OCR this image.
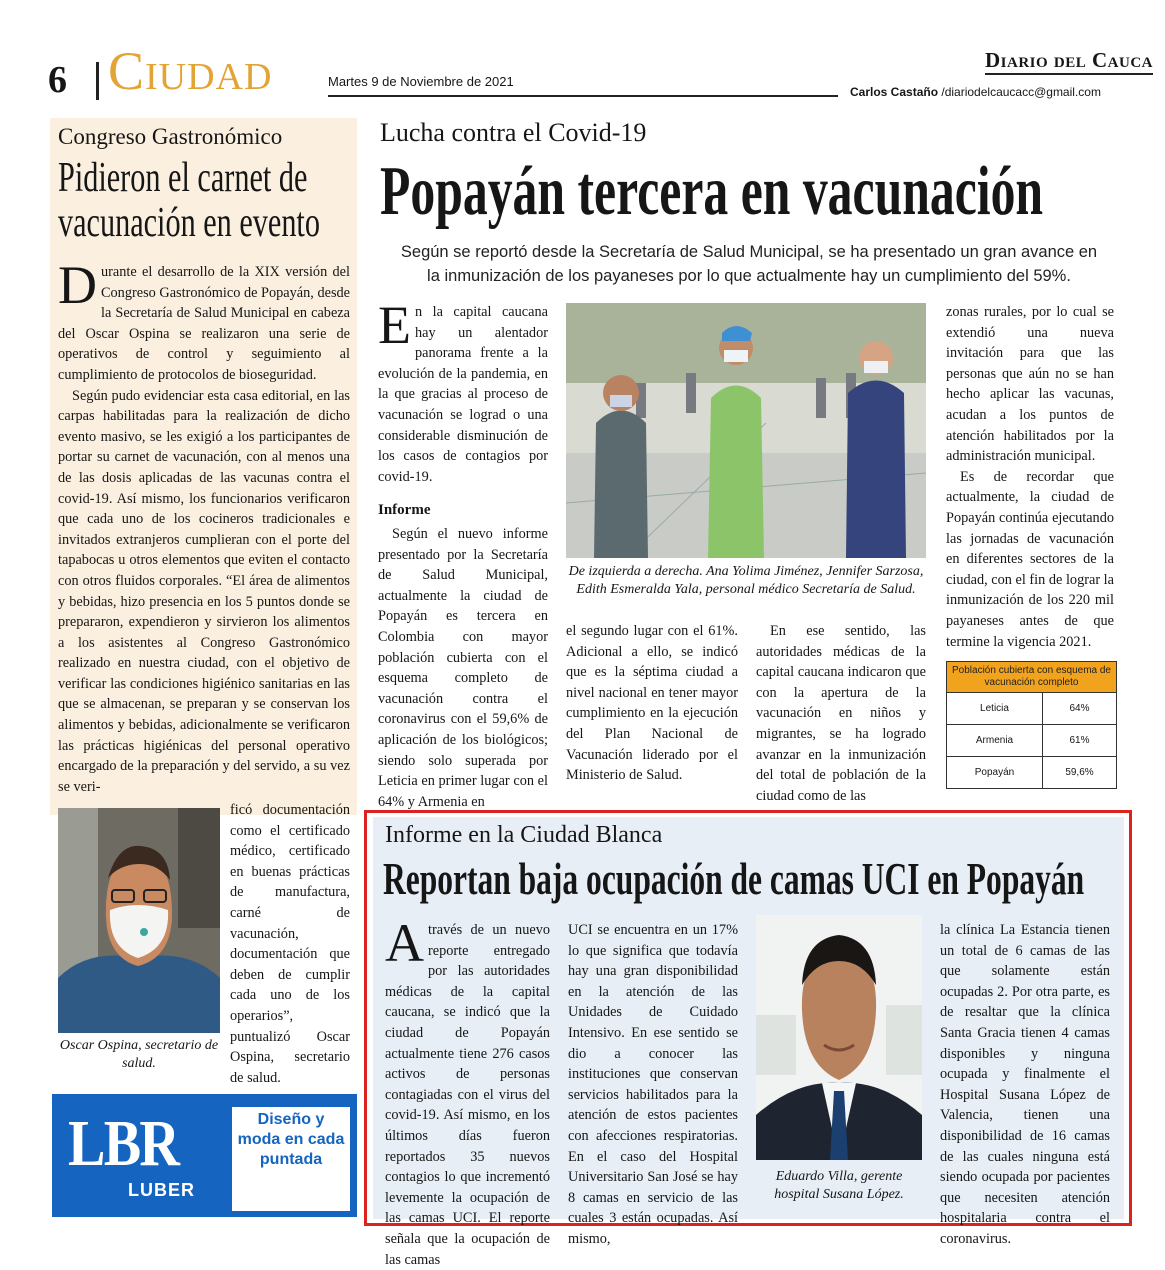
6 Ciudad	Martes 9 de Noviembre de 2021
Diario del Cauca
Carlos Castaño /diariodelcaucacc@gmail.com
Congreso Gastronómico
Pidieron el carnet de vacunación en evento

Durante el desarrollo de la XIX versión del Congreso Gastronómico de Popayán, desde la Secretaría de Salud Municipal en cabeza del Oscar Ospina se realizaron una serie de operativos de control y seguimiento al cumplimiento de protocolos de bioseguridad.

Según pudo evidenciar esta casa editorial, en las carpas habilitadas para la realización de dicho evento masivo, se les exigió a los participantes de portar su carnet de vacunación, con al menos una de las dosis aplicadas de las vacunas contra el covid-19. Así mismo, los funcionarios verificaron que cada uno de los cocineros tradicionales e invitados extranjeros cumplieran con el porte del tapabocas u otros elementos que eviten el contacto con otros fluidos corporales. “El área de alimentos y bebidas, hizo presencia en los 5 puntos donde se prepararon, expendieron y sirvieron los alimentos a los asistentes al Congreso Gastronómico realizado en nuestra ciudad, con el objetivo de verificar las condiciones higiénico sanitarias en las que se almacenan, se preparan y se conservan los alimentos y bebidas, adicionalmente se verificaron las prácticas higiénicas del personal operativo encargado de la preparación y del servido, a su vez se veri-

Oscar Ospina, secretario de salud.
ficó documentación como el certificado médico, certificado en buenas prácticas de manufactura, carné de vacunación, documentación que deben de cumplir cada uno de los operarios”, puntualizó Oscar Ospina, secretario de salud.
LBR
LUBER
Diseño y moda en cada puntada
Lucha contra el Covid-19
Popayán tercera en vacunación
Según se reportó desde la Secretaría de Salud Municipal, se ha presentado un gran avance en la inmunización de los payaneses por lo que actualmente hay un cumplimiento del 59%.
En la capital caucana hay un alentador panorama frente a la evolución de la pandemia, en la que gracias al proceso de vacunación se lograd o una considerable disminución de los casos de contagios por covid-19.
Informe

Según el nuevo informe presentado por la Secretaría de Salud Municipal, actualmente la ciudad de Popayán es tercera en Colombia con mayor población cubierta con el esquema completo de vacunación contra el coronavirus con el 59,6% de aplicación de los biológicos; siendo solo superada por Leticia en primer lugar con el 64% y Armenia en

De izquierda a derecha. Ana Yolima Jiménez, Jennifer Sarzosa, Edith Esmeralda Yala, personal médico Secretaría de Salud.
el segundo lugar con el 61%. Adicional a ello, se indicó que es la séptima ciudad a nivel nacional en tener mayor cumplimiento en la ejecución del Plan Nacional de Vacunación liderado por el Ministerio de Salud.

En ese sentido, las autoridades médicas de la capital caucana indicaron que con la apertura de la vacunación en niños y migrantes, se ha logrado avanzar en la inmunización del total de población de la ciudad como de las

zonas rurales, por lo cual se extendió una nueva invitación para que las personas que aún no se han hecho aplicar las vacunas, acudan a los puntos de atención habilitados por la administración municipal.

Es de recordar que actualmente, la ciudad de Popayán continúa ejecutando las jornadas de vacunación en diferentes sectores de la ciudad, con el fin de lograr la inmunización de los 220 mil payaneses antes de que termine la vigencia 2021.

Población cubierta con esquema de vacunación completo	
Leticia	64%
Armenia	61%
Popayán	59,6%
Informe en la Ciudad Blanca
Reportan baja ocupación de camas UCI en Popayán
Através de un nuevo reporte entregado por las autoridades médicas de la capital caucana, se indicó que la ciudad de Popayán actualmente tiene 276 casos activos de personas contagiadas con el virus del covid-19. Así mismo, en los últimos días fueron reportados 35 nuevos contagios lo que incrementó levemente la ocupación de las camas UCI. El reporte señala que la ocupación de las camas
UCI se encuentra en un 17% lo que significa que todavía hay una gran disponibilidad en la atención de las Unidades de Cuidado Intensivo. En ese sentido se dio a conocer las instituciones que conservan servicios habilitados para la atención de estos pacientes con afecciones respiratorias. En el caso del Hospital Universitario San José se hay 8 camas en servicio de las cuales 3 están ocupadas. Así mismo,
Eduardo Villa, gerente hospital Susana López.
la clínica La Estancia tienen un total de 6 camas de las que solamente están ocupadas 2. Por otra parte, es de resaltar que la clínica Santa Gracia tienen 4 camas disponibles y ninguna ocupada y finalmente el Hospital Susana López de Valencia, tienen una disponibilidad de 16 camas de las cuales ninguna está siendo ocupada por pacientes que necesiten atención hospitalaria contra el coronavirus.
